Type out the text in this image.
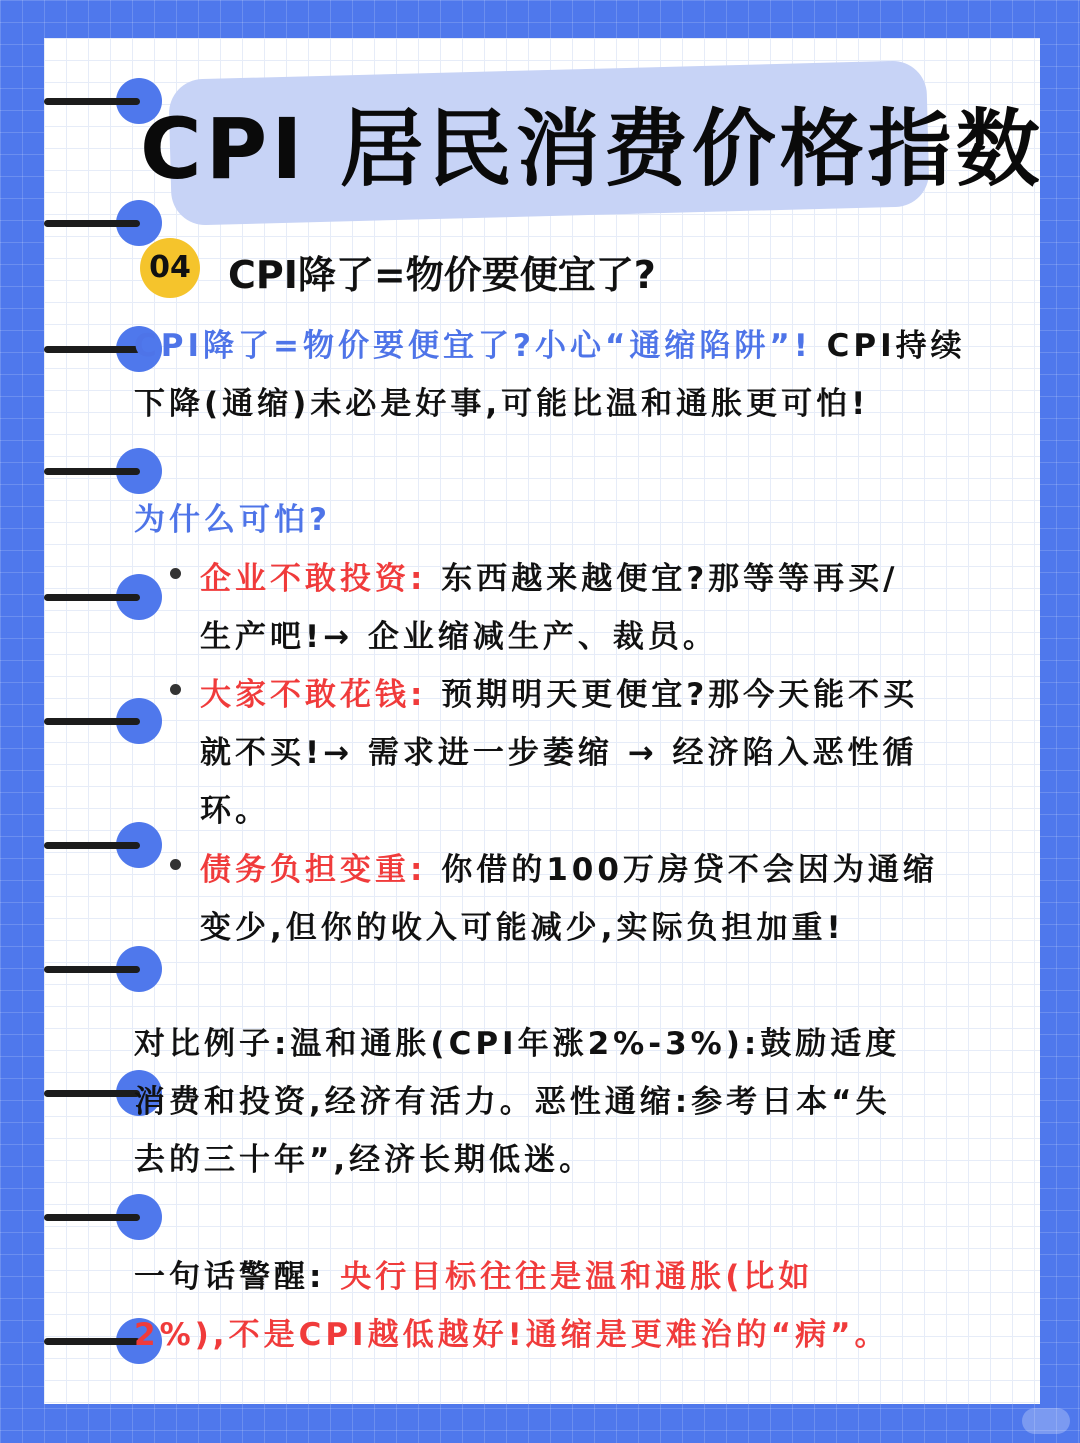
CPI 居民消费价格指数
04 CPI降了=物价要便宜了?
CPI降了=物价要便宜了?小心“通缩陷阱”! CPI持续
下降(通缩)未必是好事,可能比温和通胀更可怕!
为什么可怕?
企业不敢投资: 东西越来越便宜?那等等再买/
生产吧!→ 企业缩减生产、裁员。
大家不敢花钱: 预期明天更便宜?那今天能不买
就不买!→ 需求进一步萎缩 → 经济陷入恶性循
环。
债务负担变重: 你借的100万房贷不会因为通缩
变少,但你的收入可能减少,实际负担加重!
对比例子:温和通胀(CPI年涨2%-3%):鼓励适度
消费和投资,经济有活力。恶性通缩:参考日本“失
去的三十年”,经济长期低迷。
一句话警醒: 央行目标往往是温和通胀(比如
2%),不是CPI越低越好!通缩是更难治的“病”。
